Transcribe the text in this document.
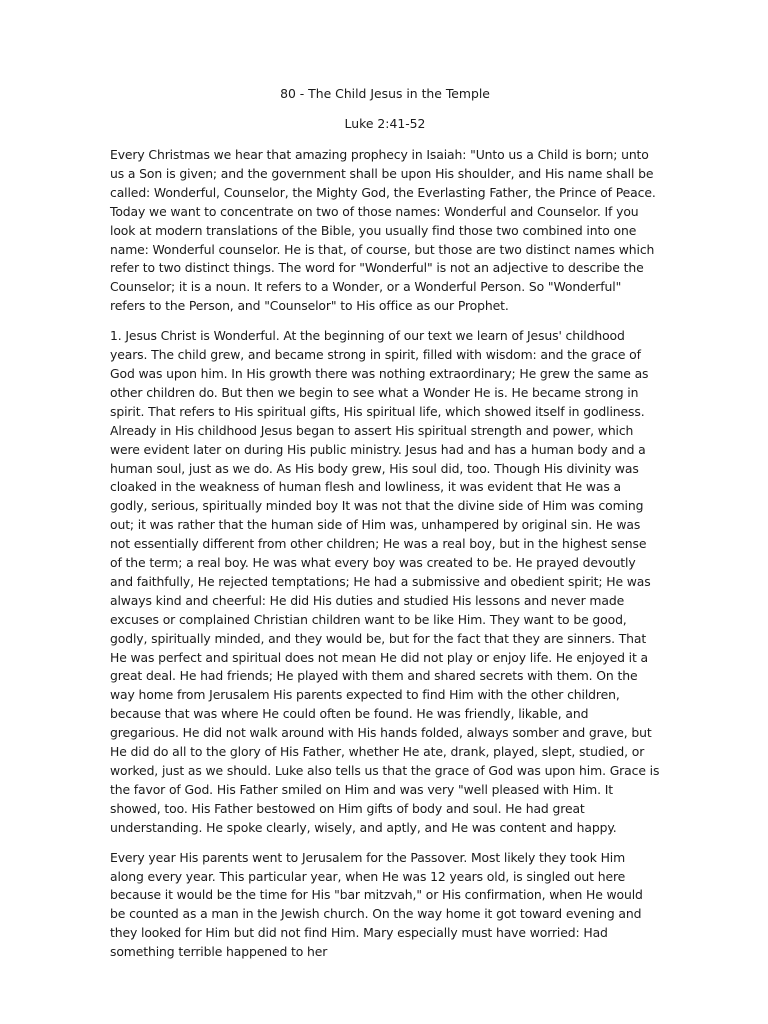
80 - The Child Jesus in the Temple

Luke 2:41-52

Every Christmas we hear that amazing prophecy in Isaiah: "Unto us a Child is born; unto us a Son is given; and the government shall be upon His shoulder, and His name shall be called: Wonderful, Counselor, the Mighty God, the Everlasting Father, the Prince of Peace. Today we want to concentrate on two of those names: Wonderful and Counselor. If you look at modern translations of the Bible, you usually find those two combined into one name: Wonderful counselor. He is that, of course, but those are two distinct names which refer to two distinct things. The word for "Wonderful" is not an adjective to describe the Counselor; it is a noun. It refers to a Wonder, or a Wonderful Person. So "Wonderful" refers to the Person, and "Counselor" to His office as our Prophet.

1. Jesus Christ is Wonderful. At the beginning of our text we learn of Jesus' childhood years. The child grew, and became strong in spirit, filled with wisdom: and the grace of God was upon him. In His growth there was nothing extraordinary; He grew the same as other children do. But then we begin to see what a Wonder He is. He became strong in spirit. That refers to His spiritual gifts, His spiritual life, which showed itself in godliness. Already in His childhood Jesus began to assert His spiritual strength and power, which were evident later on during His public ministry. Jesus had and has a human body and a human soul, just as we do. As His body grew, His soul did, too. Though His divinity was cloaked in the weakness of human flesh and lowliness, it was evident that He was a godly, serious, spiritually minded boy It was not that the divine side of Him was coming out; it was rather that the human side of Him was, unhampered by original sin. He was not essentially different from other children; He was a real boy, but in the highest sense of the term; a real boy. He was what every boy was created to be. He prayed devoutly and faithfully, He rejected temptations; He had a submissive and obedient spirit; He was always kind and cheerful: He did His duties and studied His lessons and never made excuses or complained Christian children want to be like Him. They want to be good, godly, spiritually minded, and they would be, but for the fact that they are sinners. That He was perfect and spiritual does not mean He did not play or enjoy life. He enjoyed it a great deal. He had friends; He played with them and shared secrets with them. On the way home from Jerusalem His parents expected to find Him with the other children, because that was where He could often be found. He was friendly, likable, and gregarious. He did not walk around with His hands folded, always somber and grave, but He did do all to the glory of His Father, whether He ate, drank, played, slept, studied, or worked, just as we should. Luke also tells us that the grace of God was upon him. Grace is the favor of God. His Father smiled on Him and was very "well pleased with Him. It showed, too. His Father bestowed on Him gifts of body and soul. He had great understanding. He spoke clearly, wisely, and aptly, and He was content and happy.

Every year His parents went to Jerusalem for the Passover. Most likely they took Him along every year. This particular year, when He was 12 years old, is singled out here because it would be the time for His "bar mitzvah," or His confirmation, when He would be counted as a man in the Jewish church. On the way home it got toward evening and they looked for Him but did not find Him. Mary especially must have worried: Had something terrible happened to her
